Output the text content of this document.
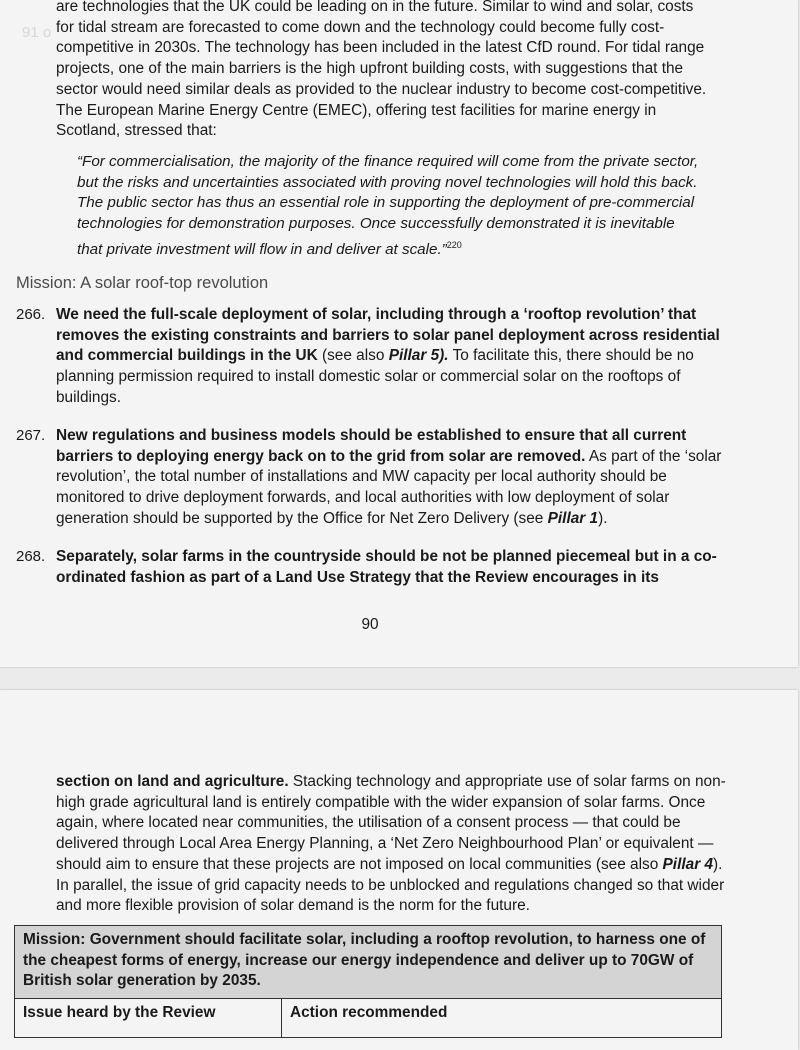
91 o
are technologies that the UK could be leading on in the future. Similar to wind and solar, costs
for tidal stream are forecasted to come down and the technology could become fully cost-
competitive in 2030s. The technology has been included in the latest CfD round. For tidal range
projects, one of the main barriers is the high upfront building costs, with suggestions that the
sector would need similar deals as provided to the nuclear industry to become cost-competitive.
The European Marine Energy Centre (EMEC), offering test facilities for marine energy in
Scotland, stressed that:
“For commercialisation, the majority of the finance required will come from the private sector,
but the risks and uncertainties associated with proving novel technologies will hold this back.
The public sector has thus an essential role in supporting the deployment of pre-commercial
technologies for demonstration purposes. Once successfully demonstrated it is inevitable
that private investment will flow in and deliver at scale.”$^{220}$
Mission: A solar roof-top revolution
266. We need the full-scale deployment of solar, including through a ‘rooftop revolution’ that removes the existing constraints and barriers to solar panel deployment across residential and commercial buildings in the UK (see also Pillar 5). To facilitate this, there should be no planning permission required to install domestic solar or commercial solar on the rooftops of buildings.

267. New regulations and business models should be established to ensure that all current barriers to deploying energy back on to the grid from solar are removed. As part of the ‘solar revolution’, the total number of installations and MW capacity per local authority should be monitored to drive deployment forwards, and local authorities with low deployment of solar generation should be supported by the Office for Net Zero Delivery (see Pillar 1).

268. Separately, solar farms in the countryside should be not be planned piecemeal but in a co-ordinated fashion as part of a Land Use Strategy that the Review encourages in its

90

section on land and agriculture. Stacking technology and appropriate use of solar farms on non-high grade agricultural land is entirely compatible with the wider expansion of solar farms. Once again, where located near communities, the utilisation of a consent process — that could be delivered through Local Area Energy Planning, a ‘Net Zero Neighbourhood Plan’ or equivalent — should aim to ensure that these projects are not imposed on local communities (see also Pillar 4). In parallel, the issue of grid capacity needs to be unblocked and regulations changed so that wider and more flexible provision of solar demand is the norm for the future.

Mission: Government should facilitate solar, including a rooftop revolution, to harness one of the cheapest forms of energy, increase our energy independence and deliver up to 70GW of British solar generation by 2035.
Issue heard by the Review	Action recommended
